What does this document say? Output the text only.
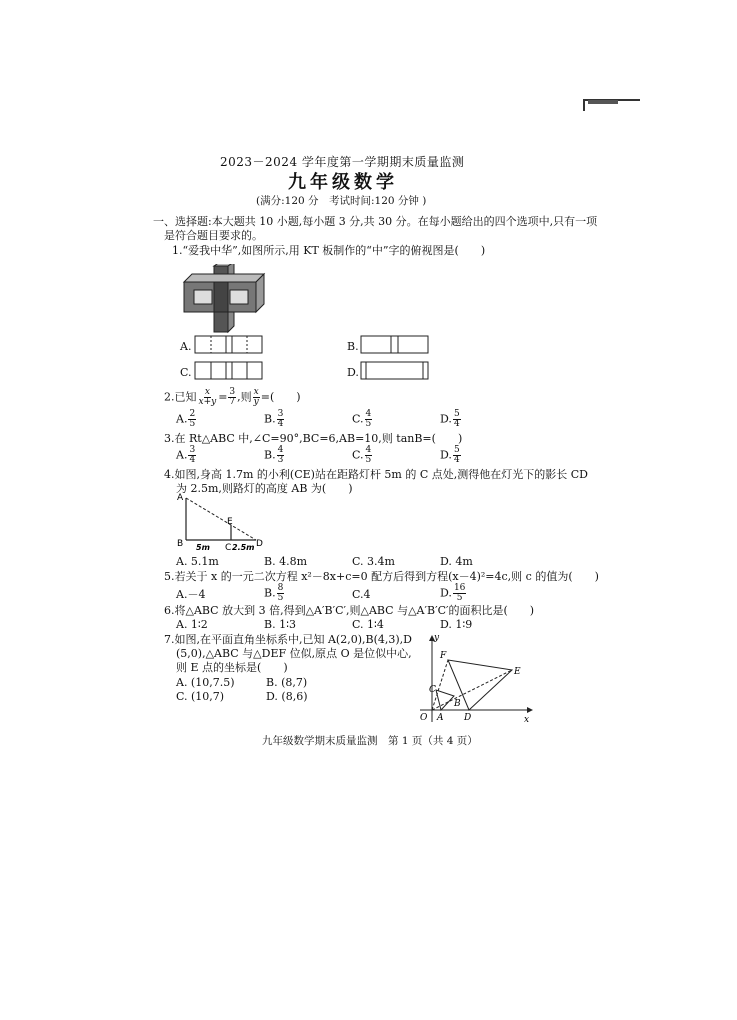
2023－2024 学年度第一学期期末质量监测
九年级数学
(满分:120 分　考试时间:120 分钟 )
一、选择题:本大题共 10 小题,每小题 3 分,共 30 分。在每小题给出的四个选项中,只有一项
是符合题目要求的。
1.“爱我中华”,如图所示,用 KT 板制作的“中”字的俯视图是(　　)
A.	B.
C.	D.
2.已知 $\frac{x}{x+y} = \frac{3}{7}$ ,则 $\frac{x}{y}$ =(　　)
A. $\frac{2}{5}$	B. $\frac{3}{4}$	C. $\frac{4}{5}$	D. $\frac{5}{4}$
3.在 Rt△ABC 中,∠C=90°,BC=6,AB=10,则 tanB=(　　)
A. $\frac{3}{4}$	B. $\frac{4}{3}$	C. $\frac{4}{5}$	D. $\frac{5}{4}$
4.如图,身高 1.7m 的小利(CE)站在距路灯杆 5m 的 C 点处,测得他在灯光下的影长 CD
为 2.5m,则路灯的高度 AB 为(　　)
A
B
E
C	D
5m	2.5m
A. 5.1m	B. 4.8m	C. 3.4m	D. 4m
5.若关于 x 的一元二次方程 x²－8x+c=0 配方后得到方程(x－4)²=4c,则 c 的值为(　　)
A.－4	B. $\frac{8}{5}$	C.4	D. $\frac{16}{5}$
6.将△ABC 放大到 3 倍,得到△A′B′C′,则△ABC 与△A′B′C′的面积比是(　　)
A. 1∶2	B. 1∶3	C. 1∶4	D. 1∶9
7.如图,在平面直角坐标系中,已知 A(2,0),B(4,3),D
(5,0),△ABC 与△DEF 位似,原点 O 是位似中心,
则 E 点的坐标是(　　)
A. (10,7.5)	B. (8,7)
C. (10,7)	D. (8,6)
y
x
O A
B
C
D
E
F
九年级数学期末质量监测　第 1 页（共 4 页）
